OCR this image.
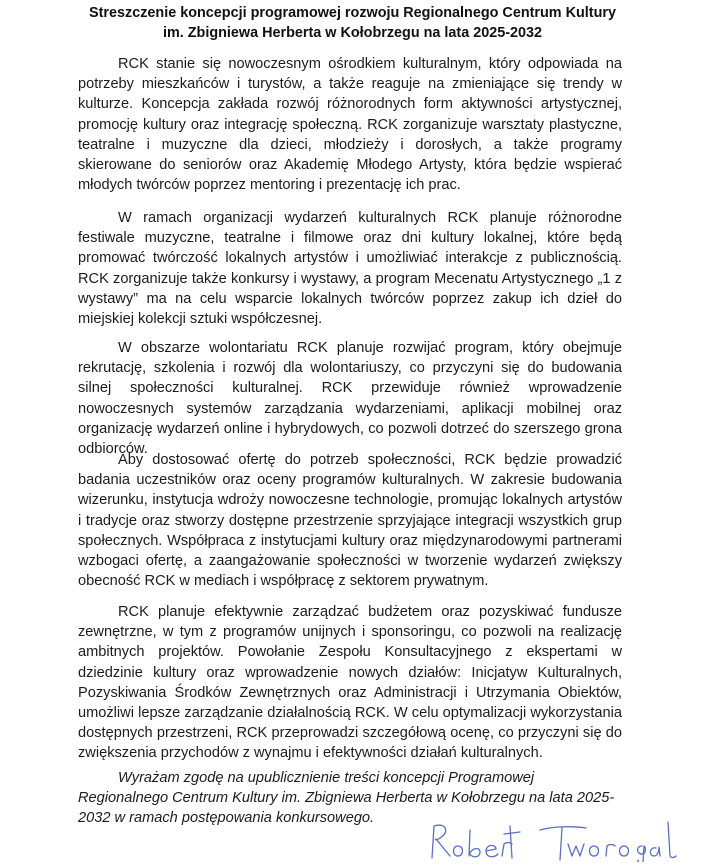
Streszczenie koncepcji programowej rozwoju Regionalnego Centrum Kultury
im. Zbigniewa Herberta w Kołobrzegu na lata 2025-2032

RCK stanie się nowoczesnym ośrodkiem kulturalnym, który odpowiada na potrzeby mieszkańców i turystów, a także reaguje na zmieniające się trendy w kulturze. Koncepcja zakłada rozwój różnorodnych form aktywności artystycznej, promocję kultury oraz integrację społeczną. RCK zorganizuje warsztaty plastyczne, teatralne i muzyczne dla dzieci, młodzieży i dorosłych, a także programy skierowane do seniorów oraz Akademię Młodego Artysty, która będzie wspierać młodych twórców poprzez mentoring i prezentację ich prac.

W ramach organizacji wydarzeń kulturalnych RCK planuje różnorodne festiwale muzyczne, teatralne i filmowe oraz dni kultury lokalnej, które będą promować twórczość lokalnych artystów i umożliwiać interakcje z publicznością. RCK zorganizuje także konkursy i wystawy, a program Mecenatu Artystycznego „1 z wystawy” ma na celu wsparcie lokalnych twórców poprzez zakup ich dzieł do miejskiej kolekcji sztuki współczesnej.

W obszarze wolontariatu RCK planuje rozwijać program, który obejmuje rekrutację, szkolenia i rozwój dla wolontariuszy, co przyczyni się do budowania silnej społeczności kulturalnej. RCK przewiduje również wprowadzenie nowoczesnych systemów zarządzania wydarzeniami, aplikacji mobilnej oraz organizację wydarzeń online i hybrydowych, co pozwoli dotrzeć do szerszego grona odbiorców.

Aby dostosować ofertę do potrzeb społeczności, RCK będzie prowadzić badania uczestników oraz oceny programów kulturalnych. W zakresie budowania wizerunku, instytucja wdroży nowoczesne technologie, promując lokalnych artystów i tradycje oraz stworzy dostępne przestrzenie sprzyjające integracji wszystkich grup społecznych. Współpraca z instytucjami kultury oraz międzynarodowymi partnerami wzbogaci ofertę, a zaangażowanie społeczności w tworzenie wydarzeń zwiększy obecność RCK w mediach i współpracę z sektorem prywatnym.

RCK planuje efektywnie zarządzać budżetem oraz pozyskiwać fundusze zewnętrzne, w tym z programów unijnych i sponsoringu, co pozwoli na realizację ambitnych projektów. Powołanie Zespołu Konsultacyjnego z ekspertami w dziedzinie kultury oraz wprowadzenie nowych działów: Inicjatyw Kulturalnych, Pozyskiwania Środków Zewnętrznych oraz Administracji i Utrzymania Obiektów, umożliwi lepsze zarządzanie działalnością RCK. W celu optymalizacji wykorzystania dostępnych przestrzeni, RCK przeprowadzi szczegółową ocenę, co przyczyni się do zwiększenia przychodów z wynajmu i efektywności działań kulturalnych.

Wyrażam zgodę na upublicznienie treści koncepcji Programowej Regionalnego Centrum Kultury im. Zbigniewa Herberta w Kołobrzegu na lata 2025-2032 w ramach postępowania konkursowego.
